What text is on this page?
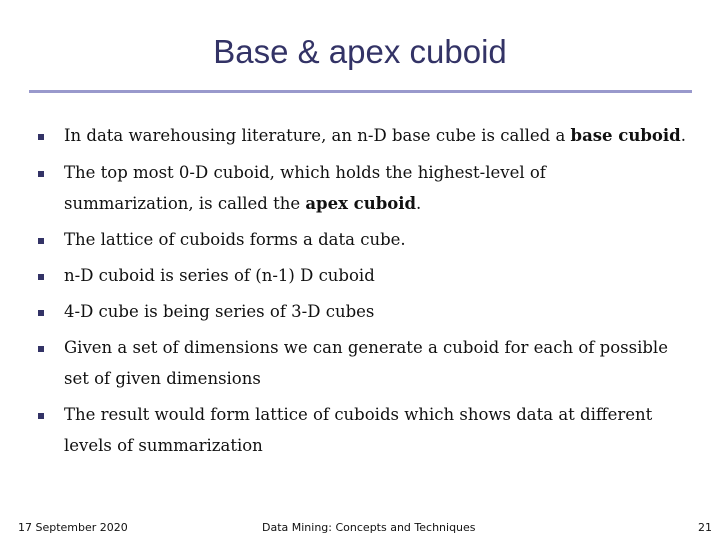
Base & apex cuboid
In data warehousing literature, an n-D base cube is called a base cuboid.
The top most 0-D cuboid, which holds the highest-level of summarization, is called the apex cuboid.
The lattice of cuboids forms a data cube.
n-D cuboid is series of (n-1) D cuboid
4-D cube is being series of 3-D cubes
Given a set of dimensions we can generate a cuboid for each of possible set of given dimensions
The result would form lattice of cuboids which shows data at different levels of summarization
17 September 2020	Data Mining: Concepts and Techniques	21
